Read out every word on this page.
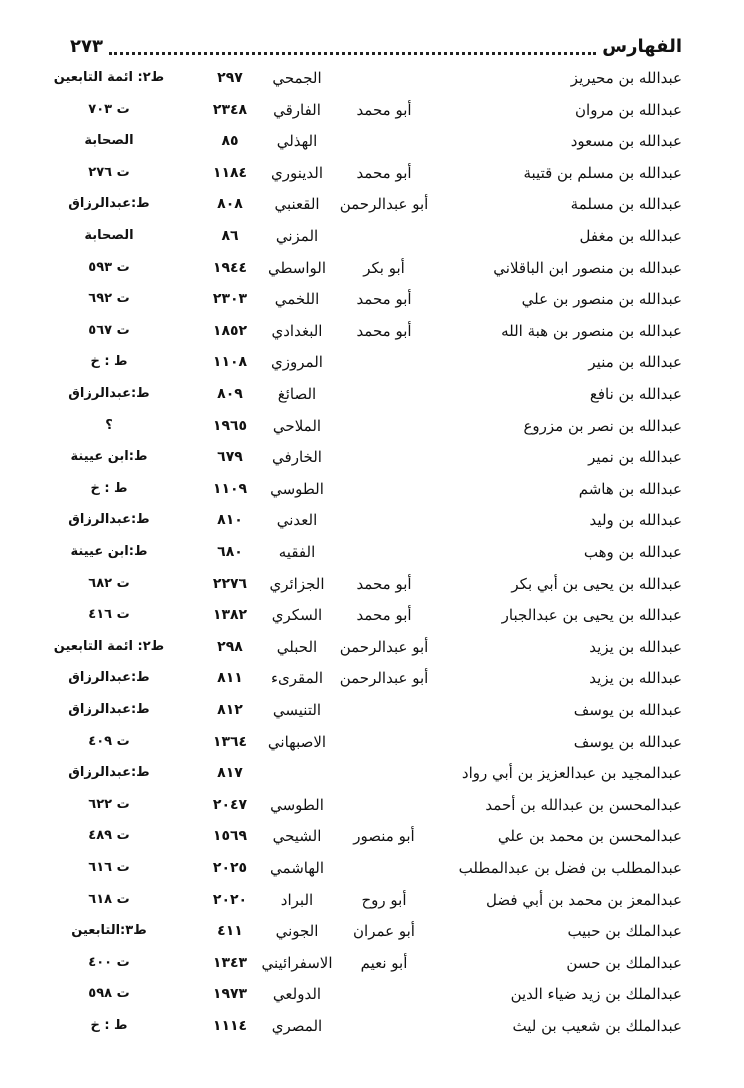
الفهارس
٢٧٣
عبدالله بن محيريز
الجمحي
٢٩٧
ط٢: ائمة التابعين
عبدالله بن مروان
أبو محمد
الفارقي
٢٣٤٨
ت ٧٠٣
عبدالله بن مسعود
الهذلي
٨٥
الصحابة
عبدالله بن مسلم بن قتيبة
أبو محمد
الدينوري
١١٨٤
ت ٢٧٦
عبدالله بن مسلمة
أبو عبدالرحمن
القعنبي
٨٠٨
ط:عبدالرزاق
عبدالله بن مغفل
المزني
٨٦
الصحابة
عبدالله بن منصور ابن الباقلاني
أبو بكر
الواسطي
١٩٤٤
ت ٥٩٣
عبدالله بن منصور بن علي
أبو محمد
اللخمي
٢٣٠٣
ت ٦٩٢
عبدالله بن منصور بن هبة الله
أبو محمد
البغدادي
١٨٥٢
ت ٥٦٧
عبدالله بن منير
المروزي
١١٠٨
ط : خ
عبدالله بن نافع
الصائغ
٨٠٩
ط:عبدالرزاق
عبدالله بن نصر بن مزروع
الملاحي
١٩٦٥
؟
عبدالله بن نمير
الخارفي
٦٧٩
ط:ابن عيينة
عبدالله بن هاشم
الطوسي
١١٠٩
ط : خ
عبدالله بن وليد
العدني
٨١٠
ط:عبدالرزاق
عبدالله بن وهب
الفقيه
٦٨٠
ط:ابن عيينة
عبدالله بن يحيى بن أبي بكر
أبو محمد
الجزائري
٢٢٧٦
ت ٦٨٢
عبدالله بن يحيى بن عبدالجبار
أبو محمد
السكري
١٣٨٢
ت ٤١٦
عبدالله بن يزيد
أبو عبدالرحمن
الحبلي
٢٩٨
ط٢: ائمة التابعين
عبدالله بن يزيد
أبو عبدالرحمن
المقرىء
٨١١
ط:عبدالرزاق
عبدالله بن يوسف
التنيسي
٨١٢
ط:عبدالرزاق
عبدالله بن يوسف
الاصبهاني
١٣٦٤
ت ٤٠٩
عبدالمجيد بن عبدالعزيز بن أبي رواد
٨١٧
ط:عبدالرزاق
عبدالمحسن بن عبدالله بن أحمد
الطوسي
٢٠٤٧
ت ٦٢٢
عبدالمحسن بن محمد بن علي
أبو منصور
الشيحي
١٥٦٩
ت ٤٨٩
عبدالمطلب بن فضل بن عبدالمطلب
الهاشمي
٢٠٢٥
ت ٦١٦
عبدالمعز بن محمد بن أبي فضل
أبو روح
البراد
٢٠٢٠
ت ٦١٨
عبدالملك بن حبيب
أبو عمران
الجوني
٤١١
ط٣:التابعين
عبدالملك بن حسن
أبو نعيم
الاسفرائيني
١٣٤٣
ت ٤٠٠
عبدالملك بن زيد ضياء الدين
الدولعي
١٩٧٣
ت ٥٩٨
عبدالملك بن شعيب بن ليث
المصري
١١١٤
ط : خ
